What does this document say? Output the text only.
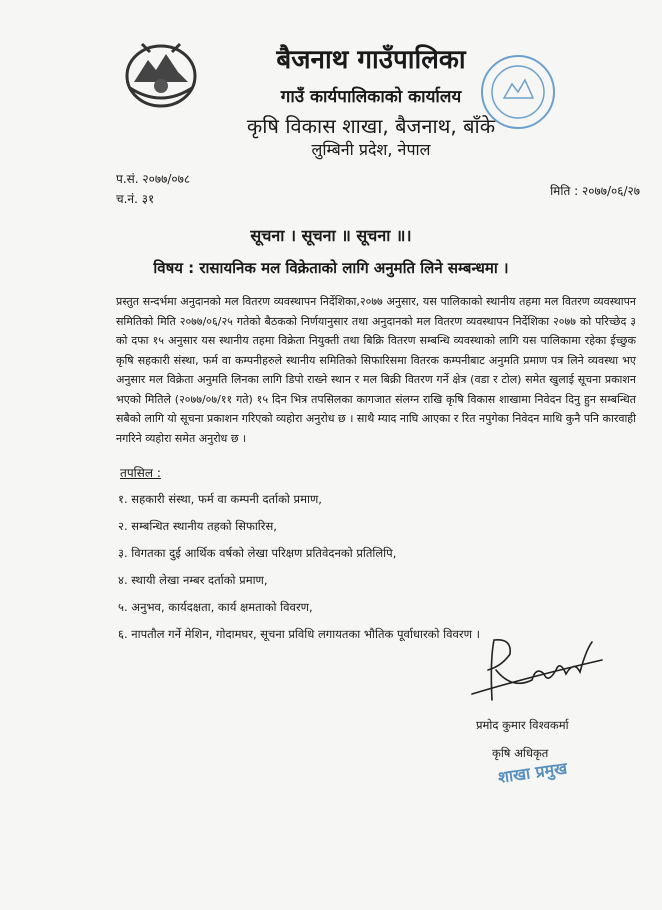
बैजनाथ गाउँपालिका
गाउँ कार्यपालिकाको कार्यालय
कृषि विकास शाखा, बैजनाथ, बाँके
लुम्बिनी प्रदेश, नेपाल
प.सं. २०७७/०७८
च.नं. ३१
मिति : २०७७/०६/२७
सूचना । सूचना ॥ सूचना ॥।
विषय : रासायनिक मल विक्रेताको लागि अनुमति लिने सम्बन्धमा ।
प्रस्तुत सन्दर्भमा अनुदानको मल वितरण व्यवस्थापन निर्देशिका,२०७७ अनुसार, यस पालिकाको स्थानीय तहमा मल वितरण व्यवस्थापन समितिको मिति २०७७/०६/२५ गतेको बैठकको निर्णयानुसार तथा अनुदानको मल वितरण व्यवस्थापन निर्देशिका २०७७ को परिच्छेद ३ को दफा १५ अनुसार यस स्थानीय तहमा विक्रेता नियुक्ती तथा बिक्रि वितरण सम्बन्धि व्यवस्थाको लागि यस पालिकामा रहेका ईच्छुक कृषि सहकारी संस्था, फर्म वा कम्पनीहरुले स्थानीय समितिको सिफारिसमा वितरक कम्पनीबाट अनुमति प्रमाण पत्र लिने व्यवस्था भए अनुसार मल विक्रेता अनुमति लिनका लागि डिपो राख्ने स्थान र मल बिक्री वितरण गर्ने क्षेत्र (वडा र टोल) समेत खुलाई सूचना प्रकाशन भएको मितिले (२०७७/०७/११ गते) १५ दिन भित्र तपसिलका कागजात संलग्न राखि कृषि विकास शाखामा निवेदन दिनु हुन सम्बन्धित सबैको लागि यो सूचना प्रकाशन गरिएको व्यहोरा अनुरोध छ । साथै म्याद नाघि आएका र रित नपुगेका निवेदन माथि कुनै पनि कारवाही नगरिने व्यहोरा समेत अनुरोध छ ।
तपसिल :
१. सहकारी संस्था, फर्म वा कम्पनी दर्ताको प्रमाण,
२. सम्बन्धित स्थानीय तहको सिफारिस,
३. विगतका दुई आर्थिक वर्षको लेखा परिक्षण प्रतिवेदनको प्रतिलिपि,
४. स्थायी लेखा नम्बर दर्ताको प्रमाण,
५. अनुभव, कार्यदक्षता, कार्य क्षमताको विवरण,
६. नापतौल गर्ने मेशिन, गोदामघर, सूचना प्रविधि लगायतका भौतिक पूर्वाधारको विवरण ।
प्रमोद कुमार विश्वकर्मा
कृषि अधिकृत
शाखा प्रमुख
